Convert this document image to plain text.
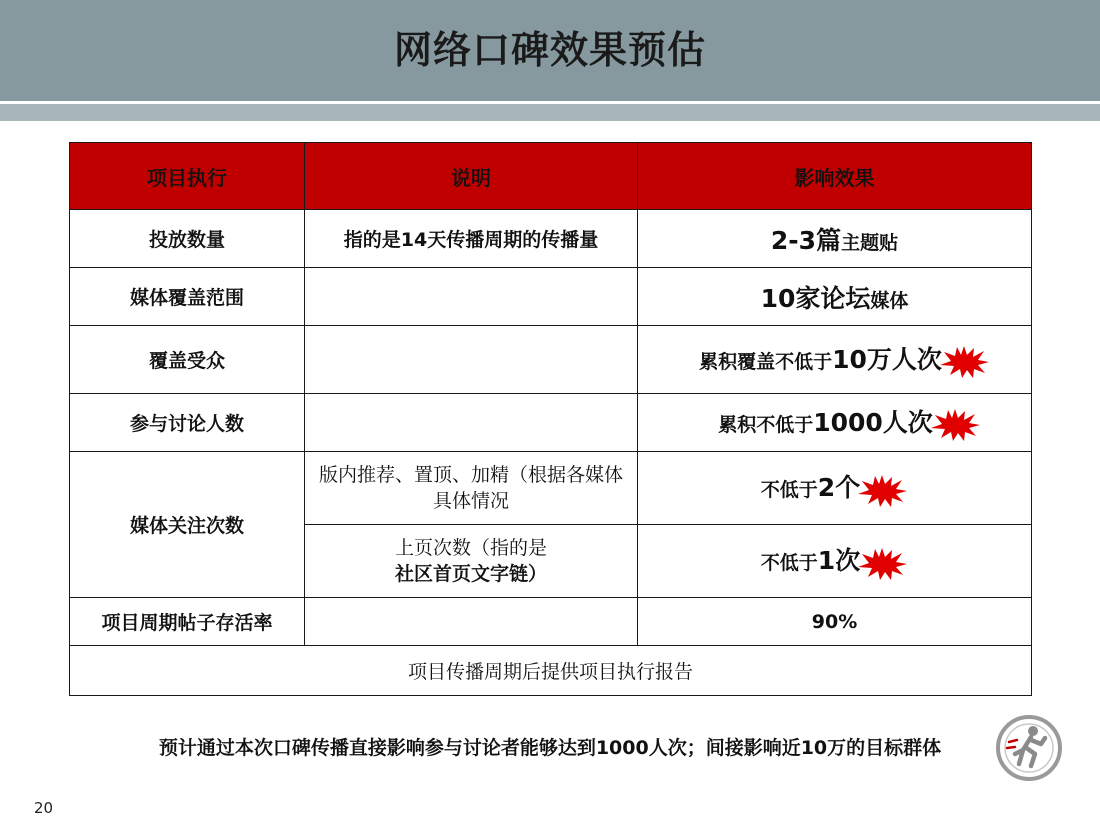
网络口碑效果预估
项目执行	说明	影响效果
投放数量	指的是14天传播周期的传播量	2-3篇主题贴
媒体覆盖范围		10家论坛媒体
覆盖受众		累积覆盖不低于10万人次
参与讨论人数		累积不低于1000人次
媒体关注次数	版内推荐、置顶、加精（根据各媒体具体情况	不低于2个
	上页次数（指的是社区首页文字链）	不低于1次
项目周期帖子存活率		90%
项目传播周期后提供项目执行报告		
预计通过本次口碑传播直接影响参与讨论者能够达到1000人次；间接影响近10万的目标群体
20
